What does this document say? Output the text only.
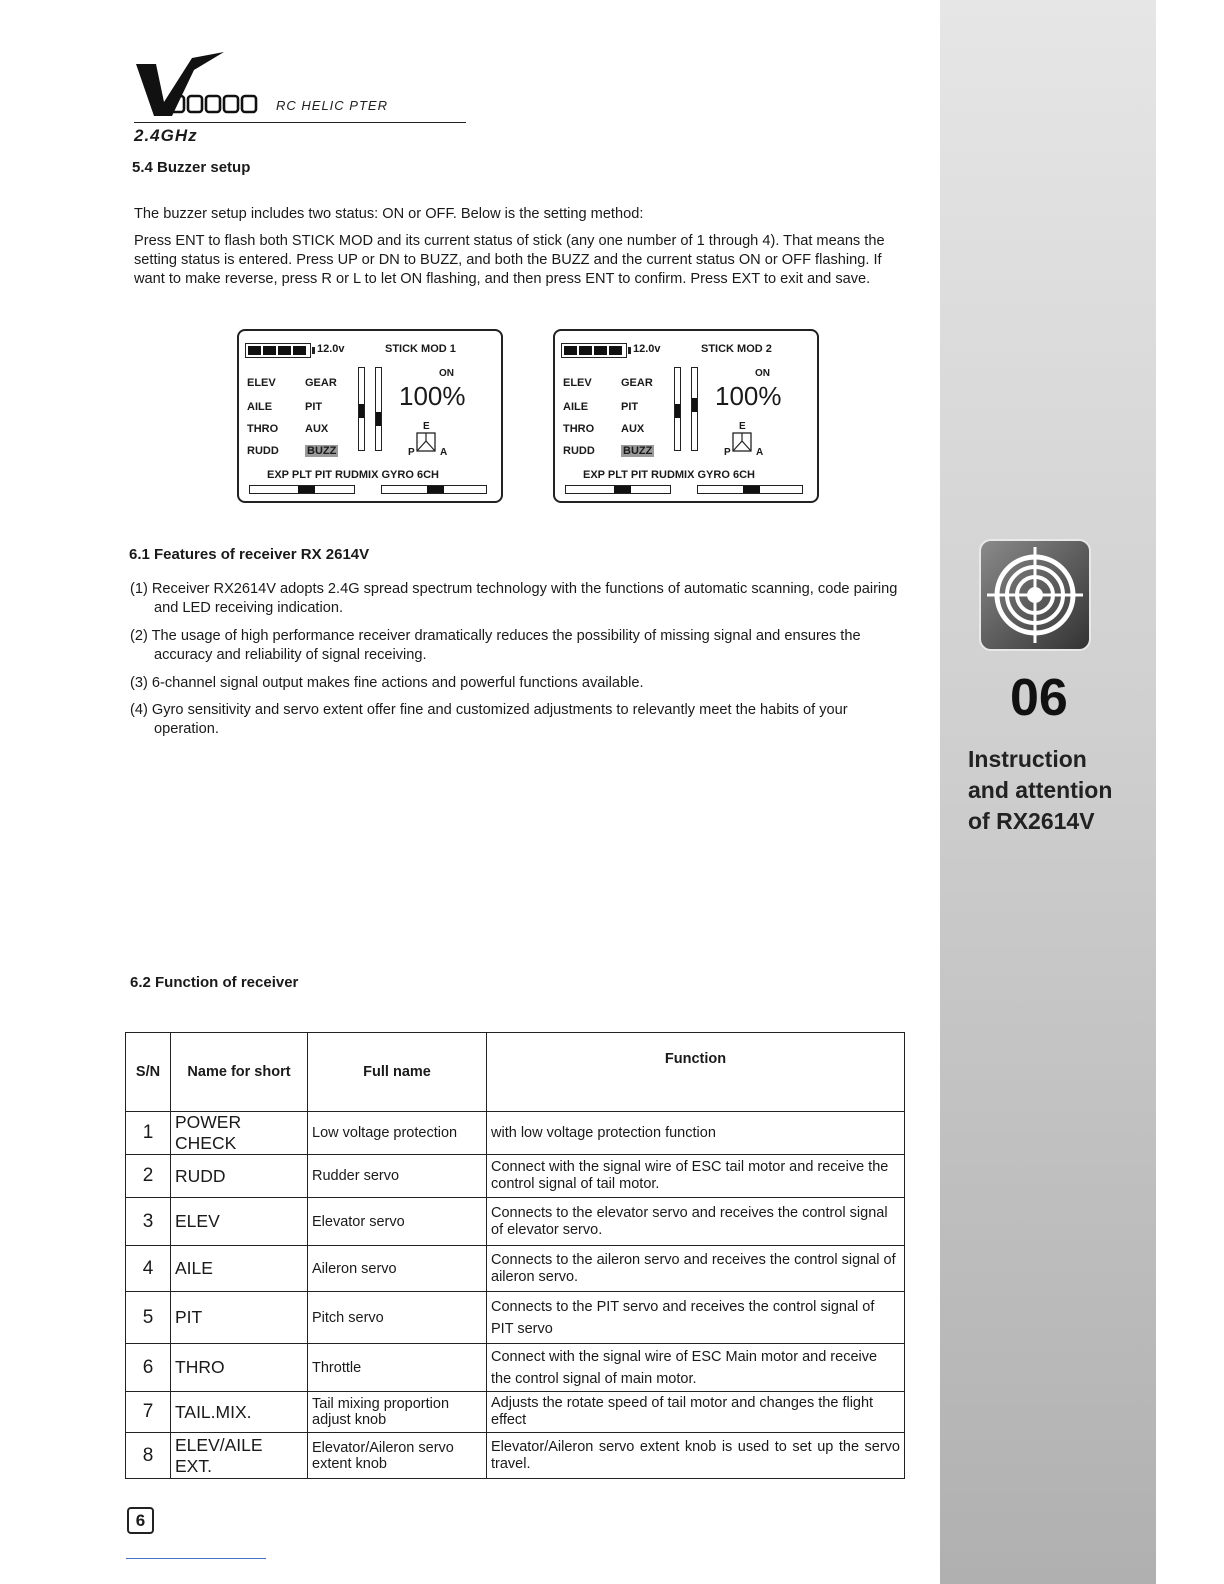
06
Instruction
and attention
of RX2614V
RC HELIC PTER
2.4GHz
5.4 Buzzer setup

The buzzer setup includes two status: ON or OFF. Below is the setting method:

Press ENT to flash both STICK MOD and its current status of stick (any one number of 1 through 4). That means the setting status is entered. Press UP or DN to BUZZ, and both the BUZZ and the current status ON or OFF flashing. If want to make reverse, press R or L to let ON flashing, and then press ENT to confirm. Press EXT to exit and save.

12.0v	STICK MOD 1
ON
ELEV
AILE
THRO
RUDD
GEAR
PIT
AUX
BUZZ
100%
E
P	A
EXP PLT PIT RUDMIX GYRO 6CH
12.0v	STICK MOD 2
ON
ELEV
AILE
THRO
RUDD
GEAR
PIT
AUX
BUZZ
100%
E
P	A
EXP PLT PIT RUDMIX GYRO 6CH
6.1 Features of receiver RX 2614V

(1) Receiver RX2614V adopts 2.4G spread spectrum technology with the functions of automatic scanning, code pairing and LED receiving indication.

(2) The usage of high performance receiver dramatically reduces the possibility of missing signal and ensures the accuracy and reliability of signal receiving.

(3) 6-channel signal output makes fine actions and powerful functions available.

(4) Gyro sensitivity and servo extent offer fine and customized adjustments to relevantly meet the habits of your operation.

6.2 Function of receiver
S/N	Name for short	Full name	Function
1	POWER CHECK	Low voltage protection	with low voltage protection function
2	RUDD	Rudder servo	Connect with the signal wire of ESC tail motor and receive the control signal of tail motor.
3	ELEV	Elevator servo	Connects to the elevator servo and receives the control signal of elevator servo.
4	AILE	Aileron servo	Connects to the aileron servo and receives the control signal of aileron servo.
5	PIT	Pitch servo	Connects to the PIT servo and receives the control signal of PIT servo
6	THRO	Throttle	Connect with the signal wire of ESC Main motor and receive the control signal of main motor.
7	TAIL.MIX.	Tail mixing proportion adjust knob	Adjusts the rotate speed of tail motor and changes the flight effect
8	ELEV/AILE EXT.	Elevator/Aileron servo extent knob	Elevator/Aileron servo extent knob is used to set up the servo travel.
6
